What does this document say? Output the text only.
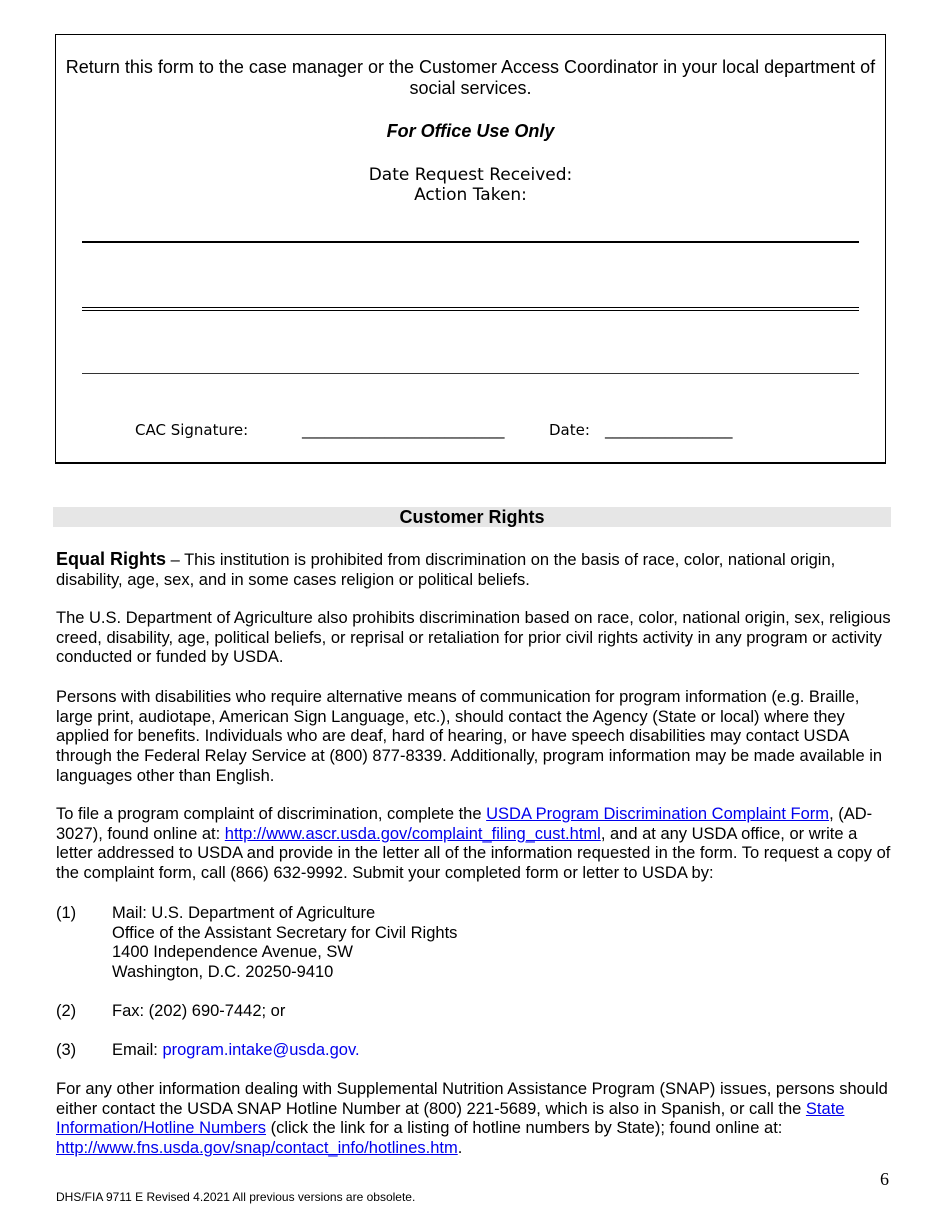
Return this form to the case manager or the Customer Access Coordinator in your local department of social services.
For Office Use Only
Date Request Received:
Action Taken:
CAC Signature:	___________________________	Date: _________________
Customer Rights

Equal Rights – This institution is prohibited from discrimination on the basis of race, color, national origin, disability, age, sex, and in some cases religion or political beliefs.

The U.S. Department of Agriculture also prohibits discrimination based on race, color, national origin, sex, religious creed, disability, age, political beliefs, or reprisal or retaliation for prior civil rights activity in any program or activity conducted or funded by USDA.

Persons with disabilities who require alternative means of communication for program information (e.g. Braille, large print, audiotape, American Sign Language, etc.), should contact the Agency (State or local) where they applied for benefits. Individuals who are deaf, hard of hearing, or have speech disabilities may contact USDA through the Federal Relay Service at (800) 877-8339. Additionally, program information may be made available in languages other than English.

To file a program complaint of discrimination, complete the USDA Program Discrimination Complaint Form, (AD-3027), found online at: http://www.ascr.usda.gov/complaint_filing_cust.html, and at any USDA office, or write a letter addressed to USDA and provide in the letter all of the information requested in the form. To request a copy of the complaint form, call (866) 632-9992. Submit your completed form or letter to USDA by:

(1) Mail: U.S. Department of Agriculture
Office of the Assistant Secretary for Civil Rights
1400 Independence Avenue, SW
Washington, D.C. 20250-9410
(2) Fax: (202) 690-7442; or
(3) Email: program.intake@usda.gov.

For any other information dealing with Supplemental Nutrition Assistance Program (SNAP) issues, persons should either contact the USDA SNAP Hotline Number at (800) 221-5689, which is also in Spanish, or call the State Information/Hotline Numbers (click the link for a listing of hotline numbers by State); found online at: http://www.fns.usda.gov/snap/contact_info/hotlines.htm.

6
DHS/FIA 9711 E Revised 4.2021 All previous versions are obsolete.
